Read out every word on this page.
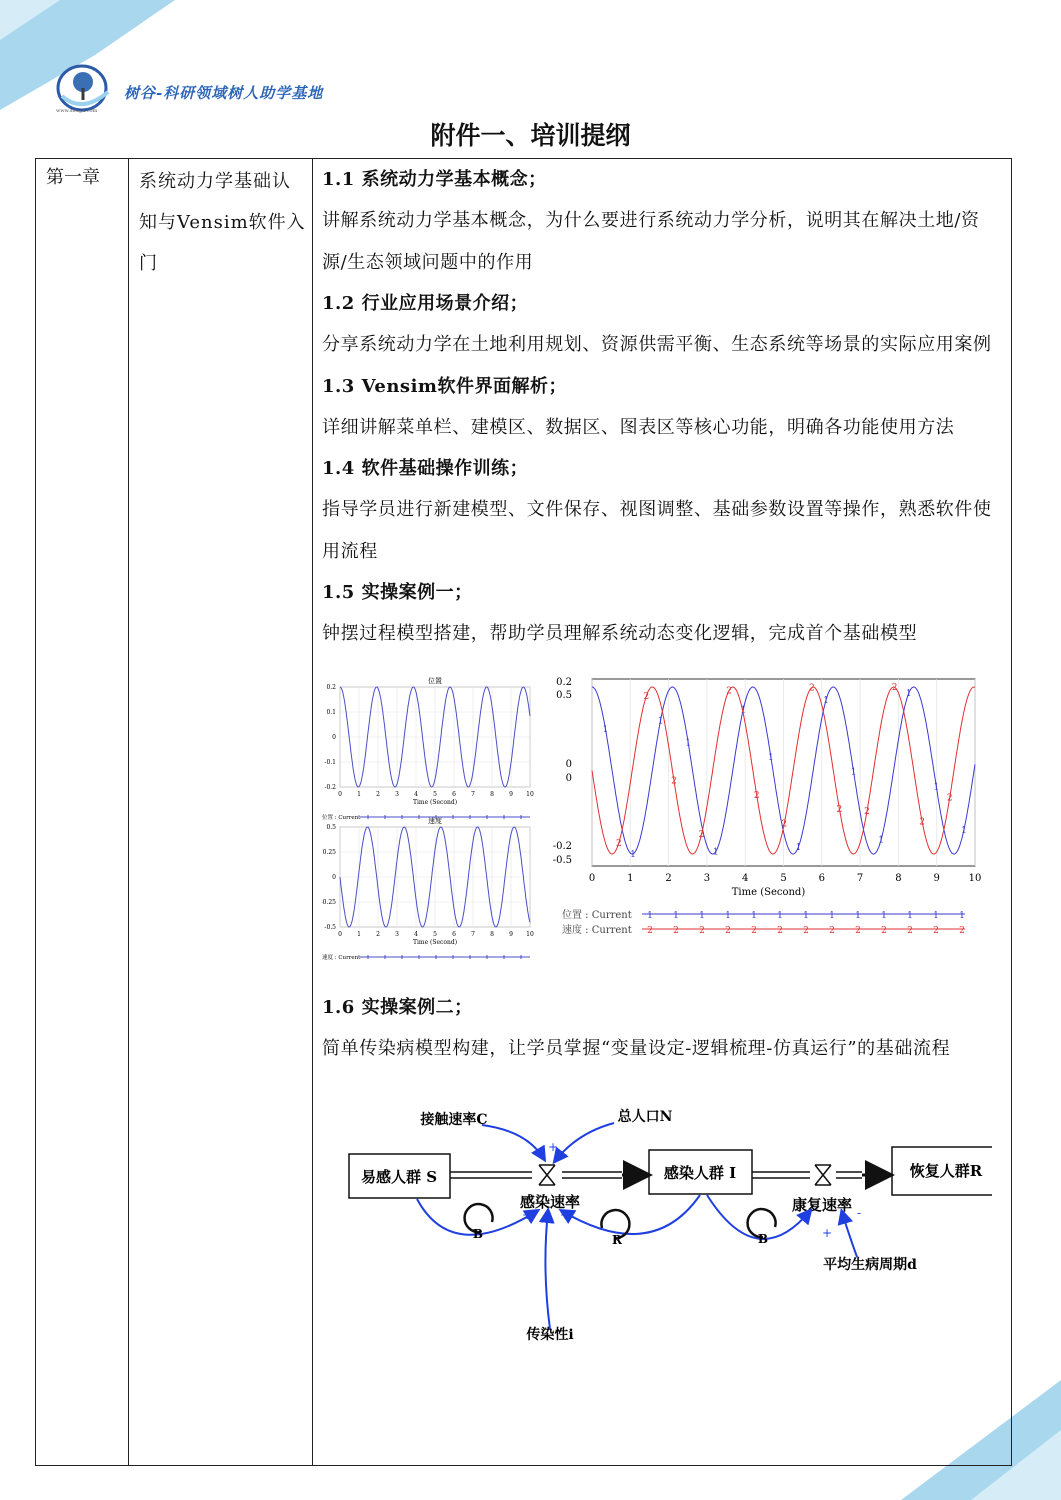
www.shugu.com
树谷-科研领域树人助学基地
附件一、培训提纲
第一章	系统动力学基础认知与Vensim软件入门

1.1 系统动力学基本概念；
讲解系统动力学基本概念，为什么要进行系统动力学分析，说明其在解决土地/资源/生态领域问题中的作用
1.2 行业应用场景介绍；
分享系统动力学在土地利用规划、资源供需平衡、生态系统等场景的实际应用案例
1.3 Vensim软件界面解析；
详细讲解菜单栏、建模区、数据区、图表区等核心功能，明确各功能使用方法
1.4 软件基础操作训练；
指导学员进行新建模型、文件保存、视图调整、基础参数设置等操作，熟悉软件使用流程
1.5 实操案例一；
钟摆过程模型搭建，帮助学员理解系统动态变化逻辑，完成首个基础模型
位置
0	1	2	3	4	5	6	7	8	9 10
0.2
0.1
0
-0.1
-0.2
Time (Second)
位置 : Current	速度
0	1	2	3	4	5	6	7	8	9 10
0.5
0.25
0
-0.25
-0.5
Time (Second)
速度 : Current
0	1	2	3	4	5	6	7	8	9	10
0.2
0.5
0
0
-0.2
-0.5
Time (Second)
1
1
1
1
1
1
1
1
1
1
1
1
1
1
位置 : Current 1 1 1 1 1 1 1 1 1 1 1 1 1
2
2
2
2
2
2
2
2
2 2
2
2
2
速度 : Current 2 2 2 2 2 2 2 2 2 2 2 2 2
1.6 实操案例二；
简单传染病模型构建，让学员掌握“变量设定-逻辑梳理-仿真运行”的基础流程
易感人群 S	感染人群 I	恢复人群R
感染速率	康复速率
接触速率C	总人口N
传染性i
平均生病周期d
B	R	B
+
+
+ +
+
+
-
